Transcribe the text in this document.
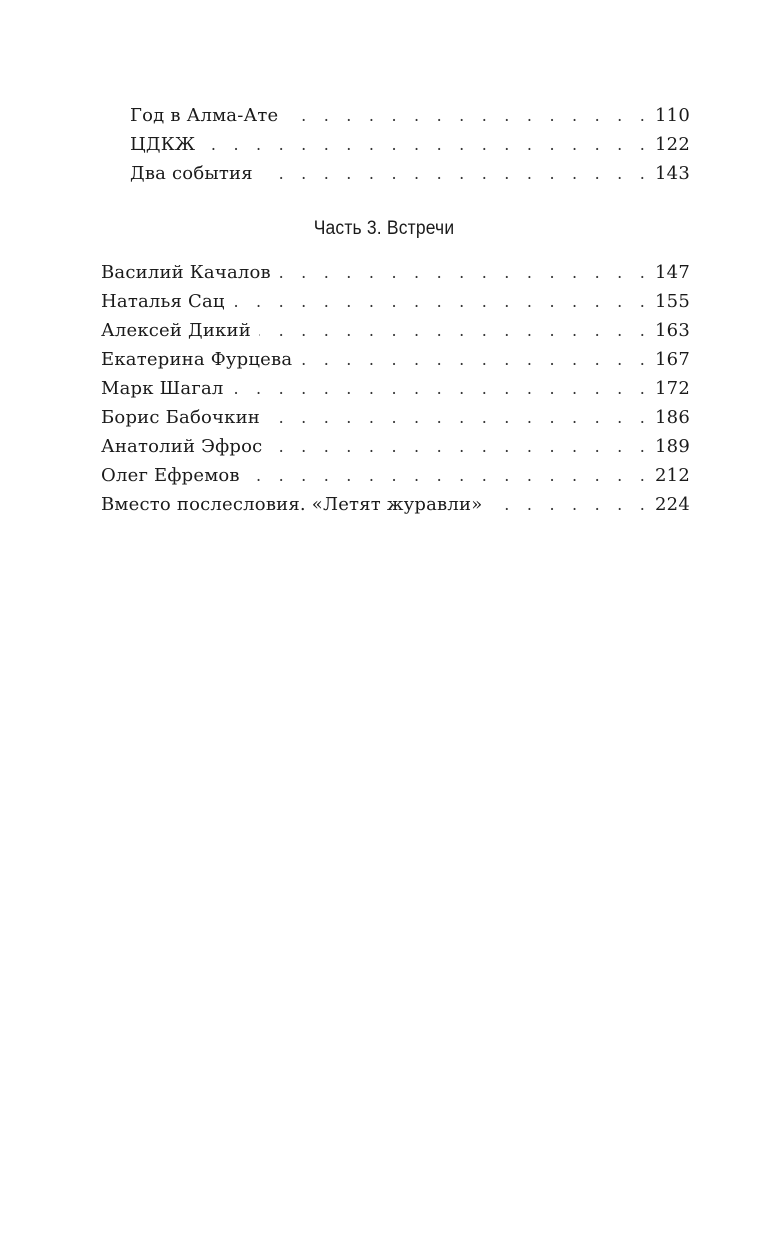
Год в Алма-Ате . . .	110
ЦДКЖ . . .	122
Два события . . .	143
Часть 3. Встречи
Василий Качалов . . .	147
Наталья Сац . . .	155
Алексей Дикий . . .	163
Екатерина Фурцева . . .	167
Марк Шагал . . .	172
Борис Бабочкин . . .	186
Анатолий Эфрос . . .	189
Олег Ефремов . . .	212
Вместо послесловия. «Летят журавли» . . .	224
